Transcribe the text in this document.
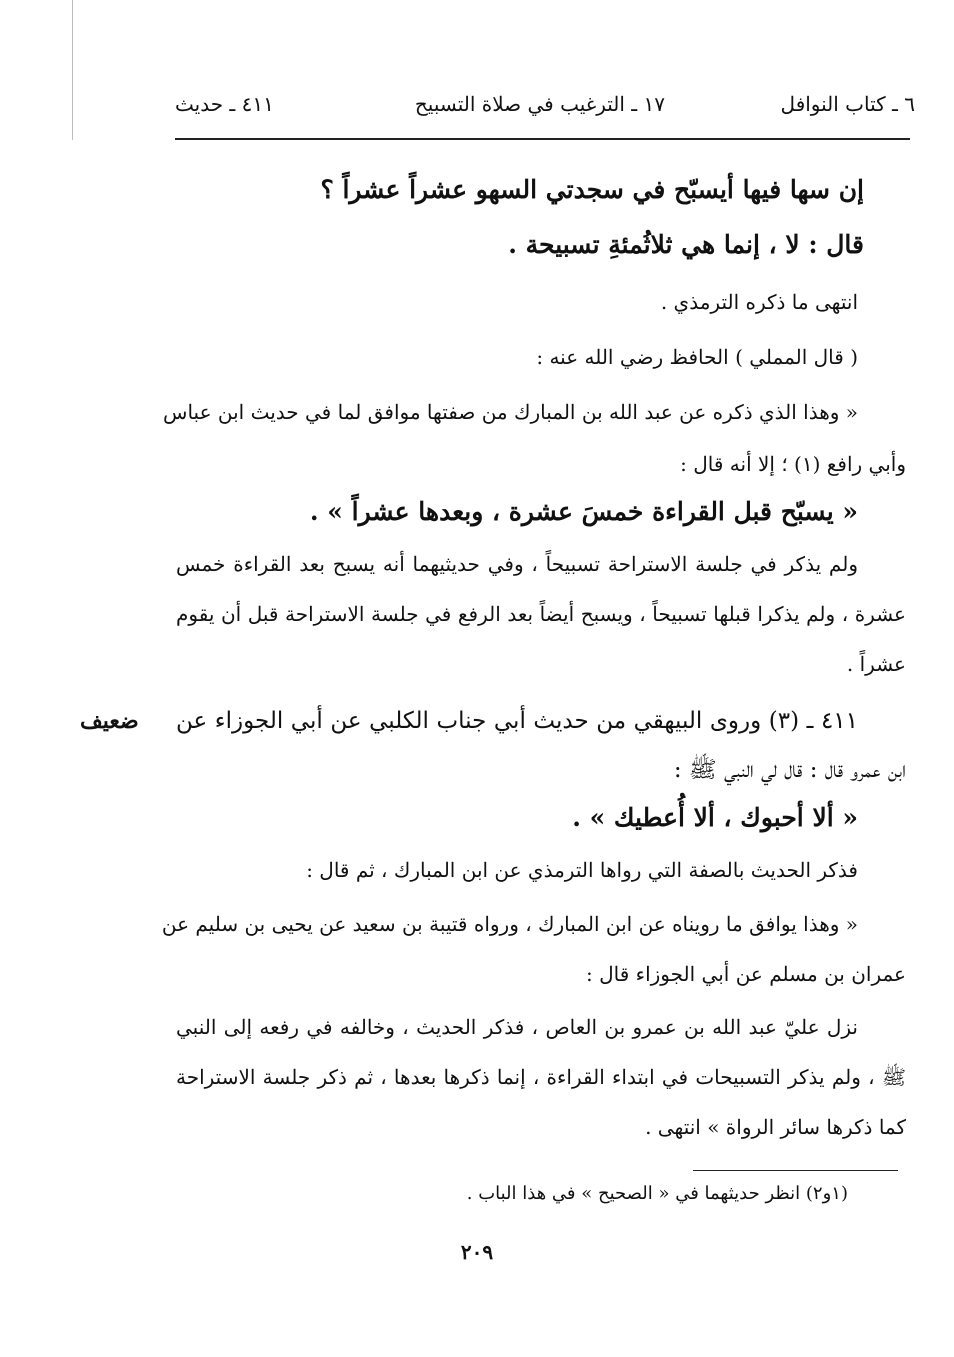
٦ ـ كتاب النوافل
١٧ ـ الترغيب في صلاة التسبيح
٤١١ ـ حديث
إن سها فيها أيسبّح في سجدتي السهو عشراً عشراً ؟
قال : لا ، إنما هي ثلاثُمئةِ تسبيحة .
انتهى ما ذكره الترمذي .
( قال المملي ) الحافظ رضي الله عنه :
« وهذا الذي ذكره عن عبد الله بن المبارك من صفتها موافق لما في حديث ابن عباس
وأبي رافع (١) ؛ إلا أنه قال :
« يسبّح قبل القراءة خمسَ عشرة ، وبعدها عشراً » .
ولم يذكر في جلسة الاستراحة تسبيحاً ، وفي حديثيهما أنه يسبح بعد القراءة خمس
عشرة ، ولم يذكرا قبلها تسبيحاً ، ويسبح أيضاً بعد الرفع في جلسة الاستراحة قبل أن يقوم
عشراً .
٤١١ ـ (٣) وروى البيهقي من حديث أبي جناب الكلبي عن أبي الجوزاء عن
ضعيف
ابن عمرو قال : قال لي النبي ﷺ :
« ألا أحبوك ، ألا أُعطيك » .
فذكر الحديث بالصفة التي رواها الترمذي عن ابن المبارك ، ثم قال :
« وهذا يوافق ما رويناه عن ابن المبارك ، ورواه قتيبة بن سعيد عن يحيى بن سليم عن
عمران بن مسلم عن أبي الجوزاء قال :
نزل عليّ عبد الله بن عمرو بن العاص ، فذكر الحديث ، وخالفه في رفعه إلى النبي
ﷺ ، ولم يذكر التسبيحات في ابتداء القراءة ، إنما ذكرها بعدها ، ثم ذكر جلسة الاستراحة
كما ذكرها سائر الرواة » انتهى .
(١و٢) انظر حديثهما في « الصحيح » في هذا الباب .
٢٠٩
